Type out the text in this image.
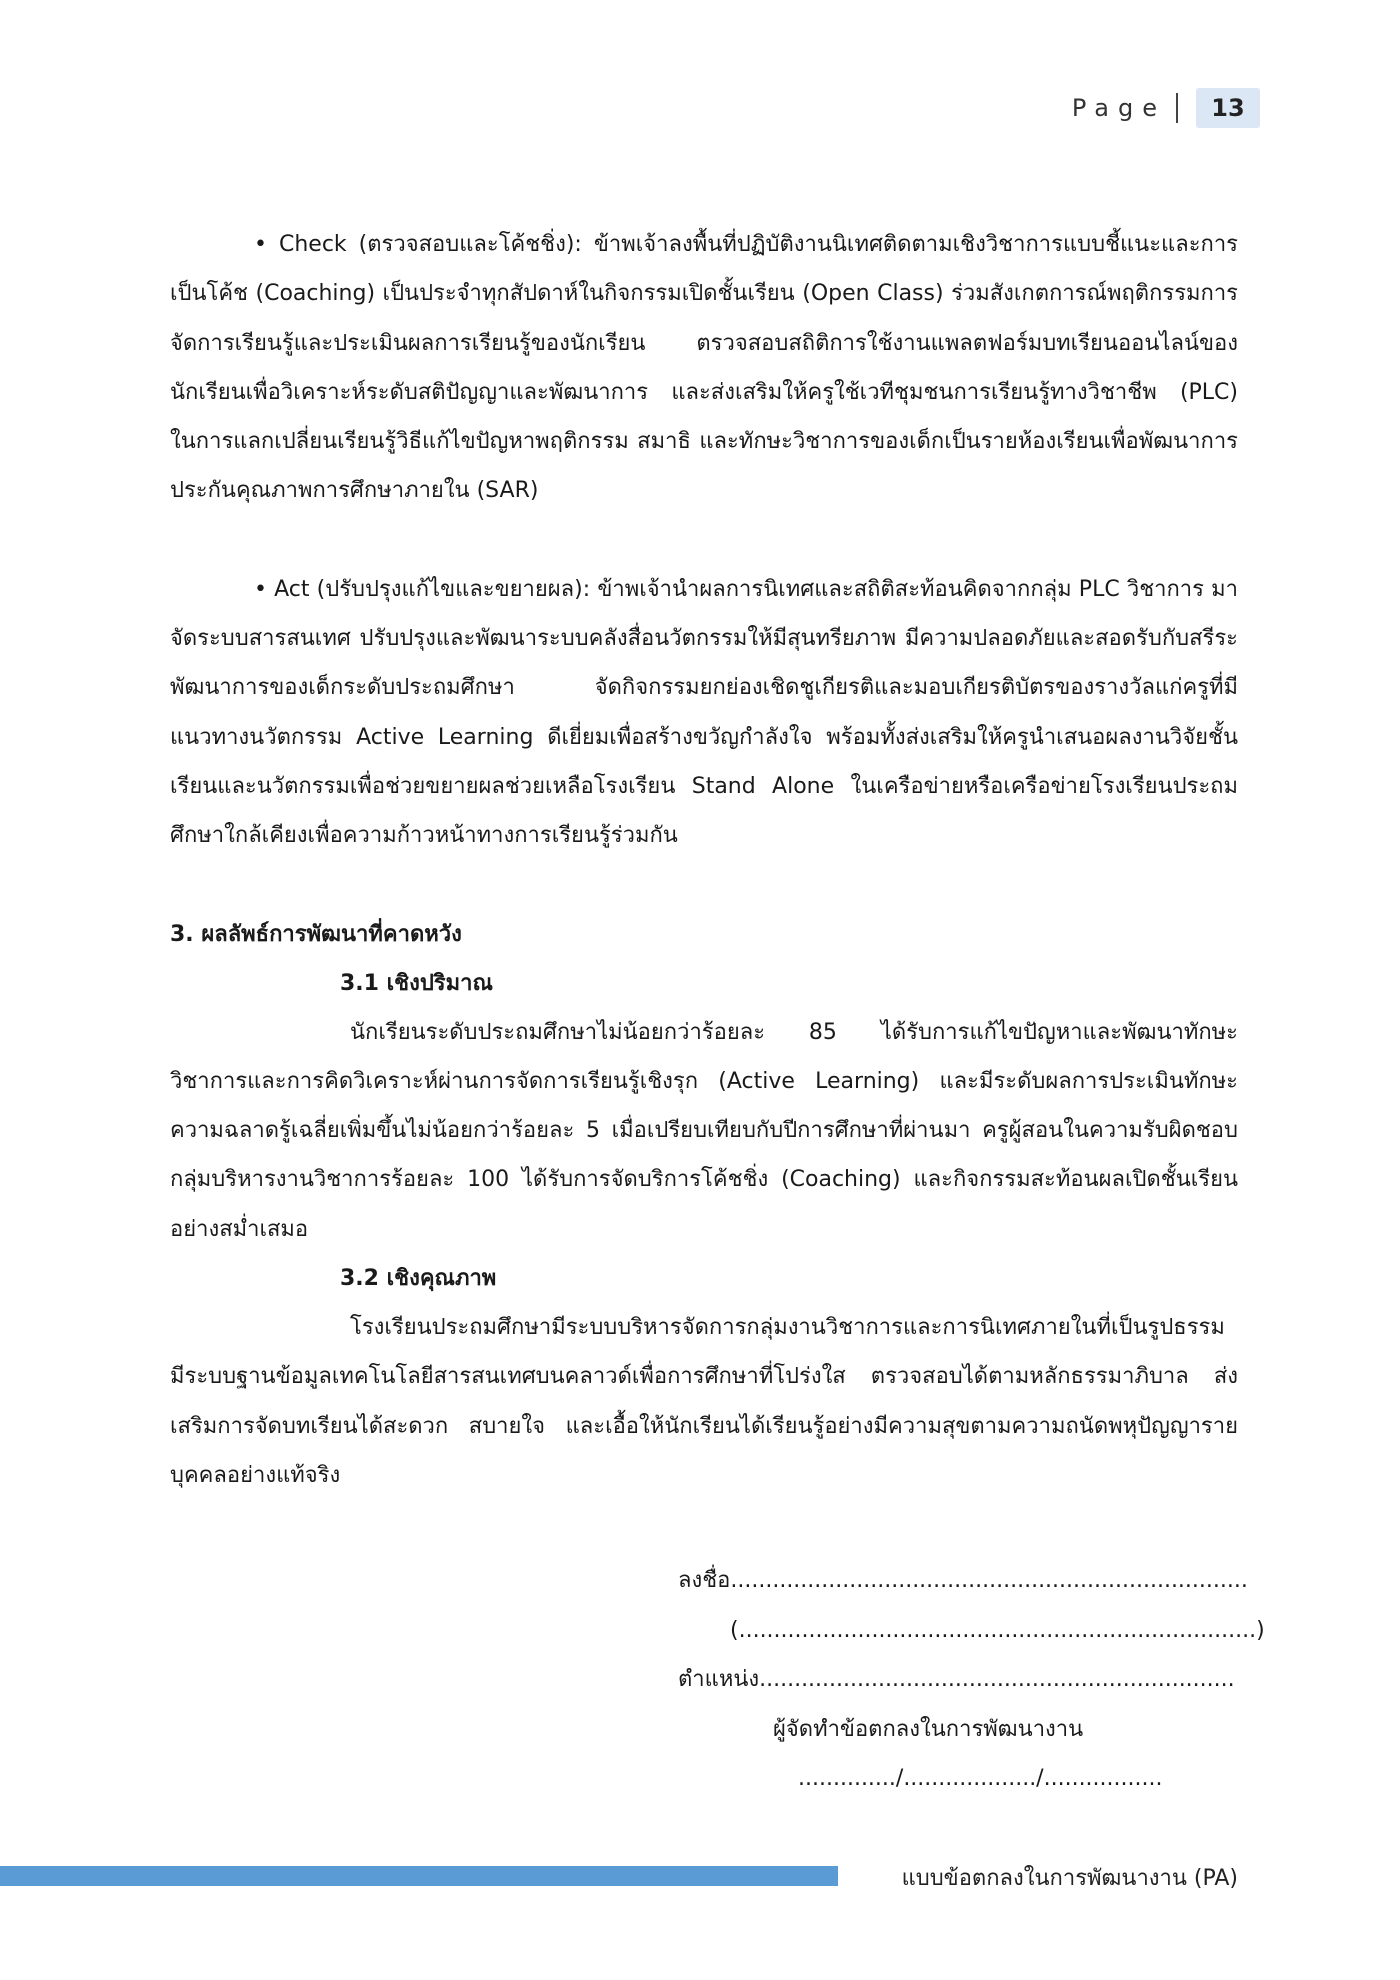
Page	13

• Check (ตรวจสอบและโค้ชชิ่ง): ข้าพเจ้าลงพื้นที่ปฏิบัติงานนิเทศติดตามเชิงวิชาการแบบชี้แนะและการเป็นโค้ช (Coaching) เป็นประจำทุกสัปดาห์ในกิจกรรมเปิดชั้นเรียน (Open Class) ร่วมสังเกตการณ์พฤติกรรมการจัดการเรียนรู้และประเมินผลการเรียนรู้ของนักเรียน ตรวจสอบสถิติการใช้งานแพลตฟอร์มบทเรียนออนไลน์ของนักเรียนเพื่อวิเคราะห์ระดับสติปัญญาและพัฒนาการ และส่งเสริมให้ครูใช้เวทีชุมชนการเรียนรู้ทางวิชาชีพ (PLC) ในการแลกเปลี่ยนเรียนรู้วิธีแก้ไขปัญหาพฤติกรรม สมาธิ และทักษะวิชาการของเด็กเป็นรายห้องเรียนเพื่อพัฒนาการประกันคุณภาพการศึกษาภายใน (SAR)

• Act (ปรับปรุงแก้ไขและขยายผล): ข้าพเจ้านำผลการนิเทศและสถิติสะท้อนคิดจากกลุ่ม PLC วิชาการ มาจัดระบบสารสนเทศ ปรับปรุงและพัฒนาระบบคลังสื่อนวัตกรรมให้มีสุนทรียภาพ มีความปลอดภัยและสอดรับกับสรีระพัฒนาการของเด็กระดับประถมศึกษา จัดกิจกรรมยกย่องเชิดชูเกียรติและมอบเกียรติบัตรของรางวัลแก่ครูที่มีแนวทางนวัตกรรม Active Learning ดีเยี่ยมเพื่อสร้างขวัญกำลังใจ พร้อมทั้งส่งเสริมให้ครูนำเสนอผลงานวิจัยชั้นเรียนและนวัตกรรมเพื่อช่วยขยายผลช่วยเหลือโรงเรียน Stand Alone ในเครือข่ายหรือเครือข่ายโรงเรียนประถมศึกษาใกล้เคียงเพื่อความก้าวหน้าทางการเรียนรู้ร่วมกัน

3. ผลลัพธ์การพัฒนาที่คาดหวัง

3.1 เชิงปริมาณ

นักเรียนระดับประถมศึกษาไม่น้อยกว่าร้อยละ 85 ได้รับการแก้ไขปัญหาและพัฒนาทักษะวิชาการและการคิดวิเคราะห์ผ่านการจัดการเรียนรู้เชิงรุก (Active Learning) และมีระดับผลการประเมินทักษะความฉลาดรู้เฉลี่ยเพิ่มขึ้นไม่น้อยกว่าร้อยละ 5 เมื่อเปรียบเทียบกับปีการศึกษาที่ผ่านมา ครูผู้สอนในความรับผิดชอบกลุ่มบริหารงานวิชาการร้อยละ 100 ได้รับการจัดบริการโค้ชชิ่ง (Coaching) และกิจกรรมสะท้อนผลเปิดชั้นเรียนอย่างสม่ำเสมอ

3.2 เชิงคุณภาพ

โรงเรียนประถมศึกษามีระบบบริหารจัดการกลุ่มงานวิชาการและการนิเทศภายในที่เป็นรูปธรรม มีระบบฐานข้อมูลเทคโนโลยีสารสนเทศบนคลาวด์เพื่อการศึกษาที่โปร่งใส ตรวจสอบได้ตามหลักธรรมาภิบาล ส่งเสริมการจัดบทเรียนได้สะดวก สบายใจ และเอื้อให้นักเรียนได้เรียนรู้อย่างมีความสุขตามความถนัดพหุปัญญารายบุคคลอย่างแท้จริง

ลงชื่อ..........................................................................
(..........................................................................)
ตำแหน่ง....................................................................
ผู้จัดทำข้อตกลงในการพัฒนางาน
............../.................../.................
แบบข้อตกลงในการพัฒนางาน (PA)
